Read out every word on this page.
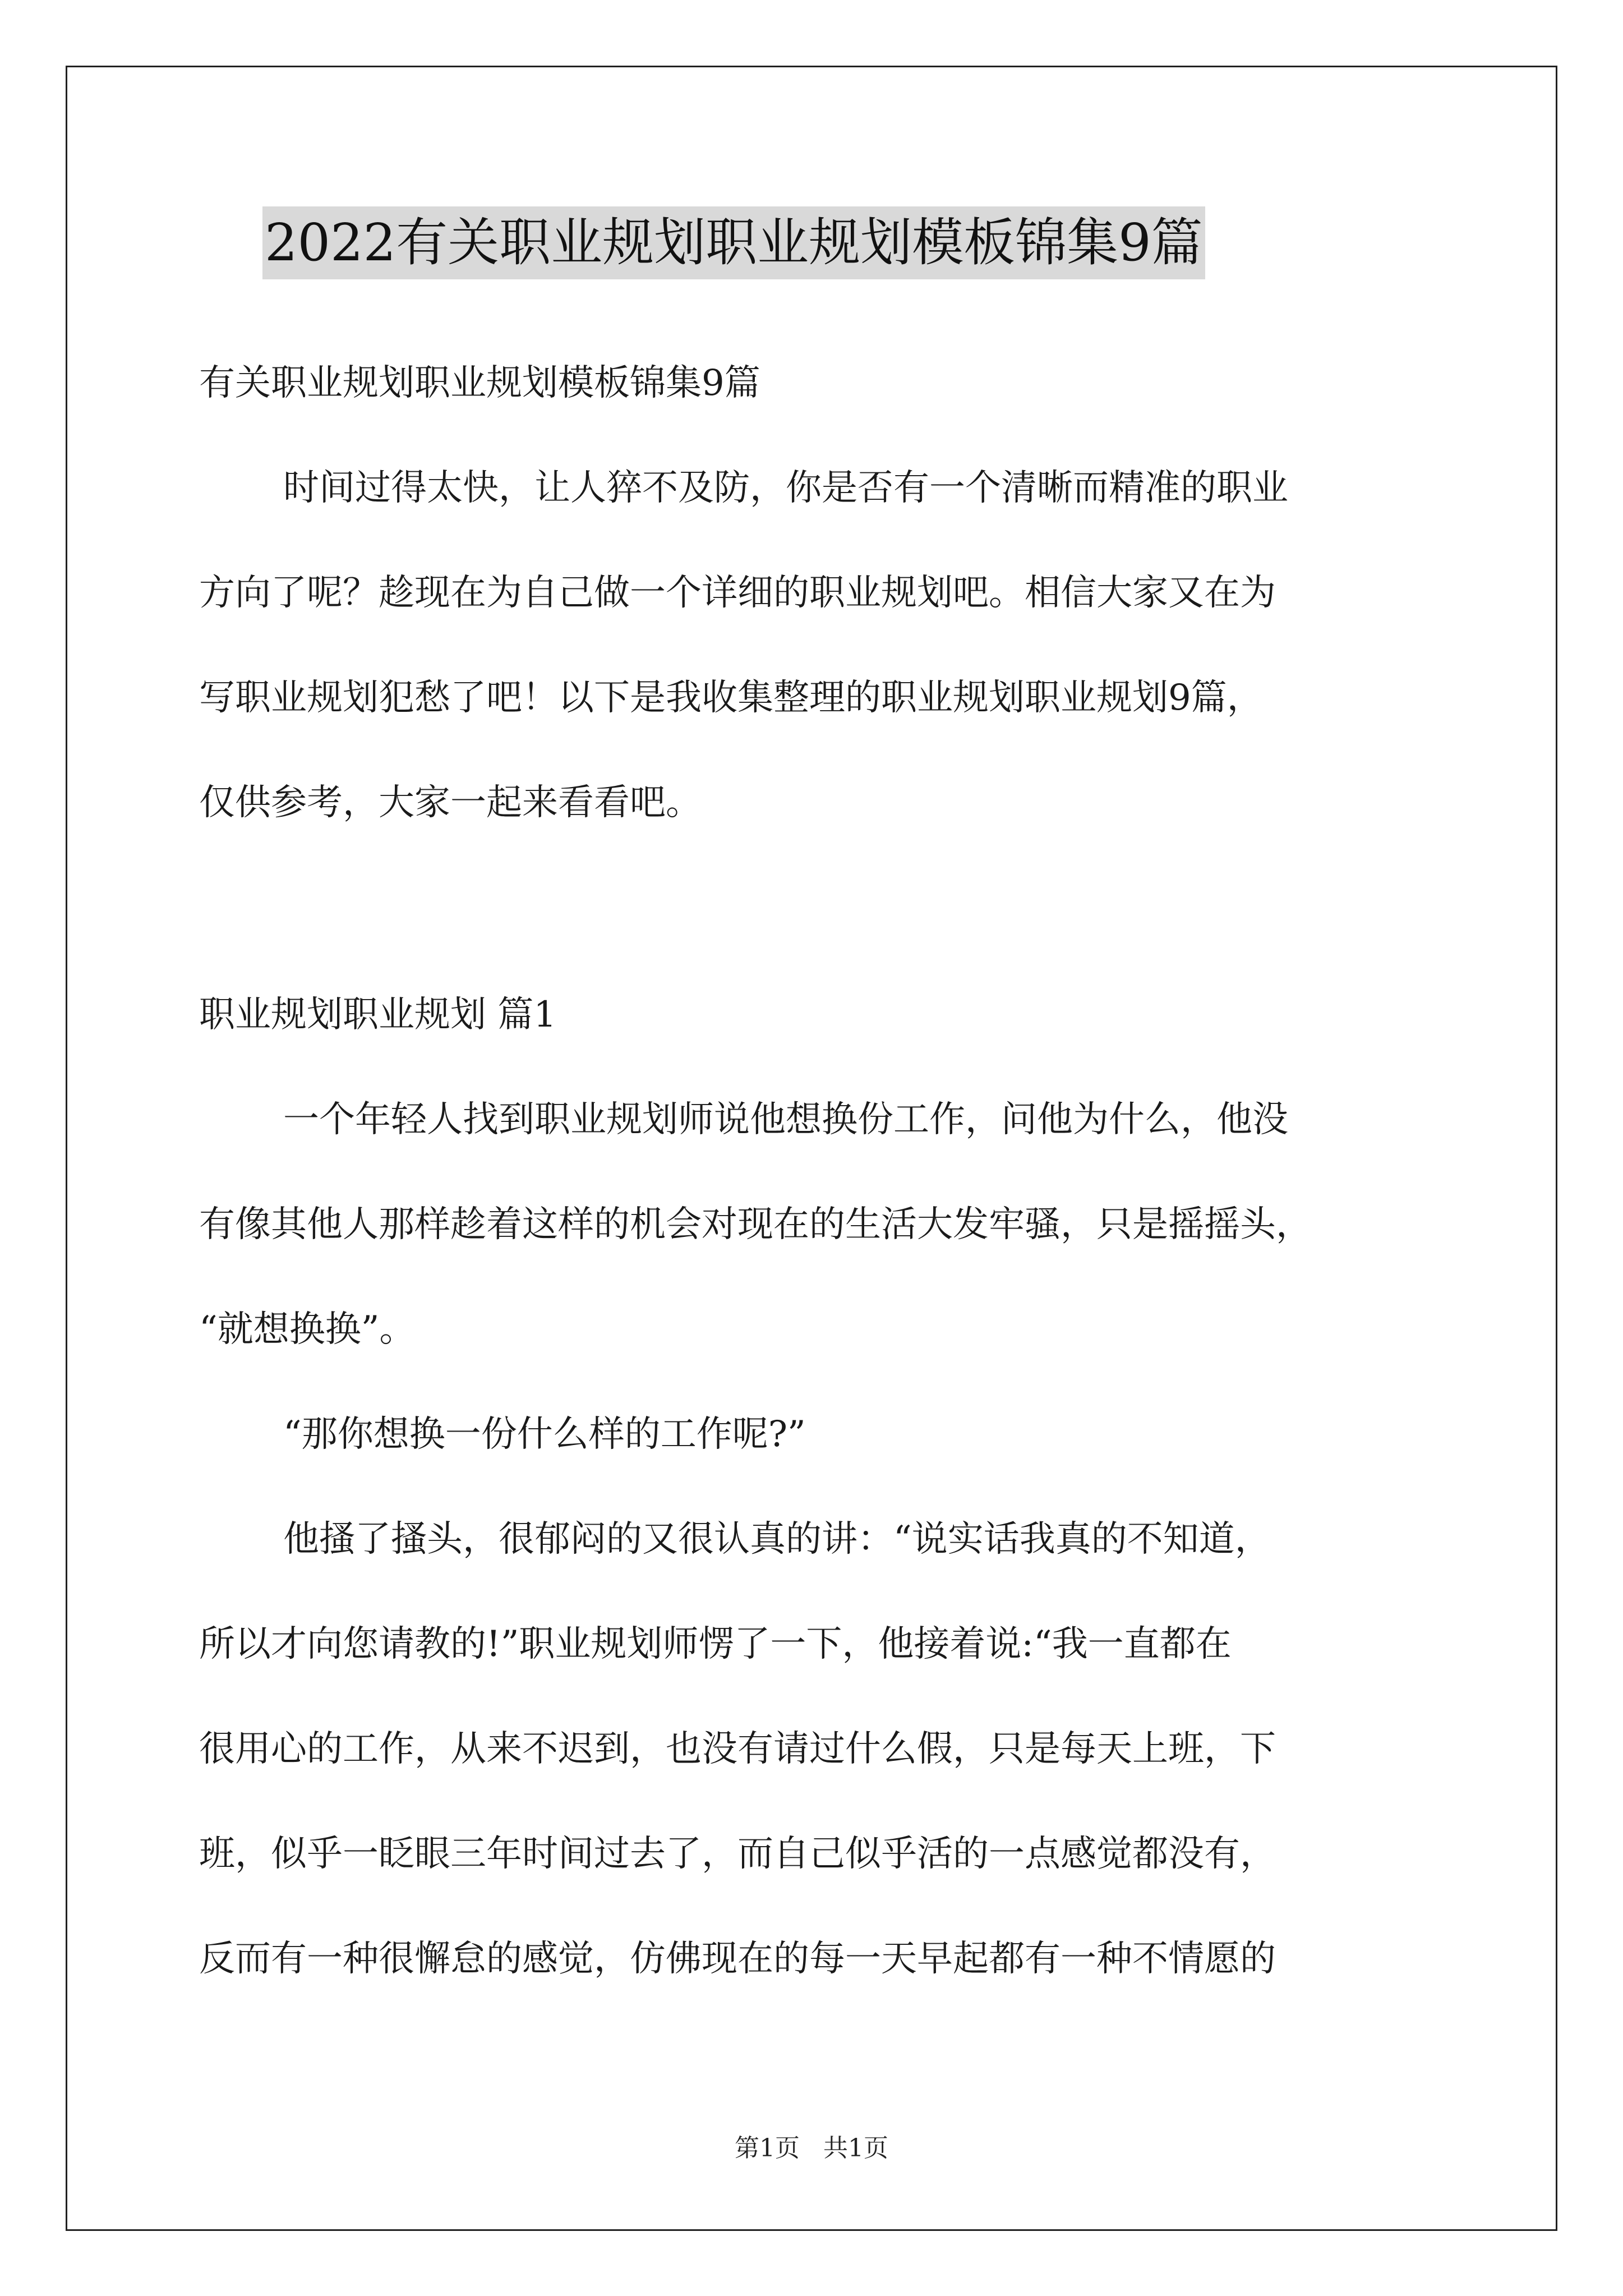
2022有关职业规划职业规划模板锦集9篇
有关职业规划职业规划模板锦集9篇
时间过得太快，让人猝不及防，你是否有一个清晰而精准的职业
方向了呢？趁现在为自己做一个详细的职业规划吧。相信大家又在为
写职业规划犯愁了吧！以下是我收集整理的职业规划职业规划9篇，
仅供参考，大家一起来看看吧。
职业规划职业规划 篇1
一个年轻人找到职业规划师说他想换份工作，问他为什么，他没
有像其他人那样趁着这样的机会对现在的生活大发牢骚，只是摇摇头，
“就想换换”。
“那你想换一份什么样的工作呢?”
他搔了搔头，很郁闷的又很认真的讲：“说实话我真的不知道，
所以才向您请教的!”职业规划师愣了一下，他接着说:“我一直都在
很用心的工作，从来不迟到，也没有请过什么假，只是每天上班，下
班，似乎一眨眼三年时间过去了，而自己似乎活的一点感觉都没有，
反而有一种很懈怠的感觉，仿佛现在的每一天早起都有一种不情愿的
第1页   共1页
